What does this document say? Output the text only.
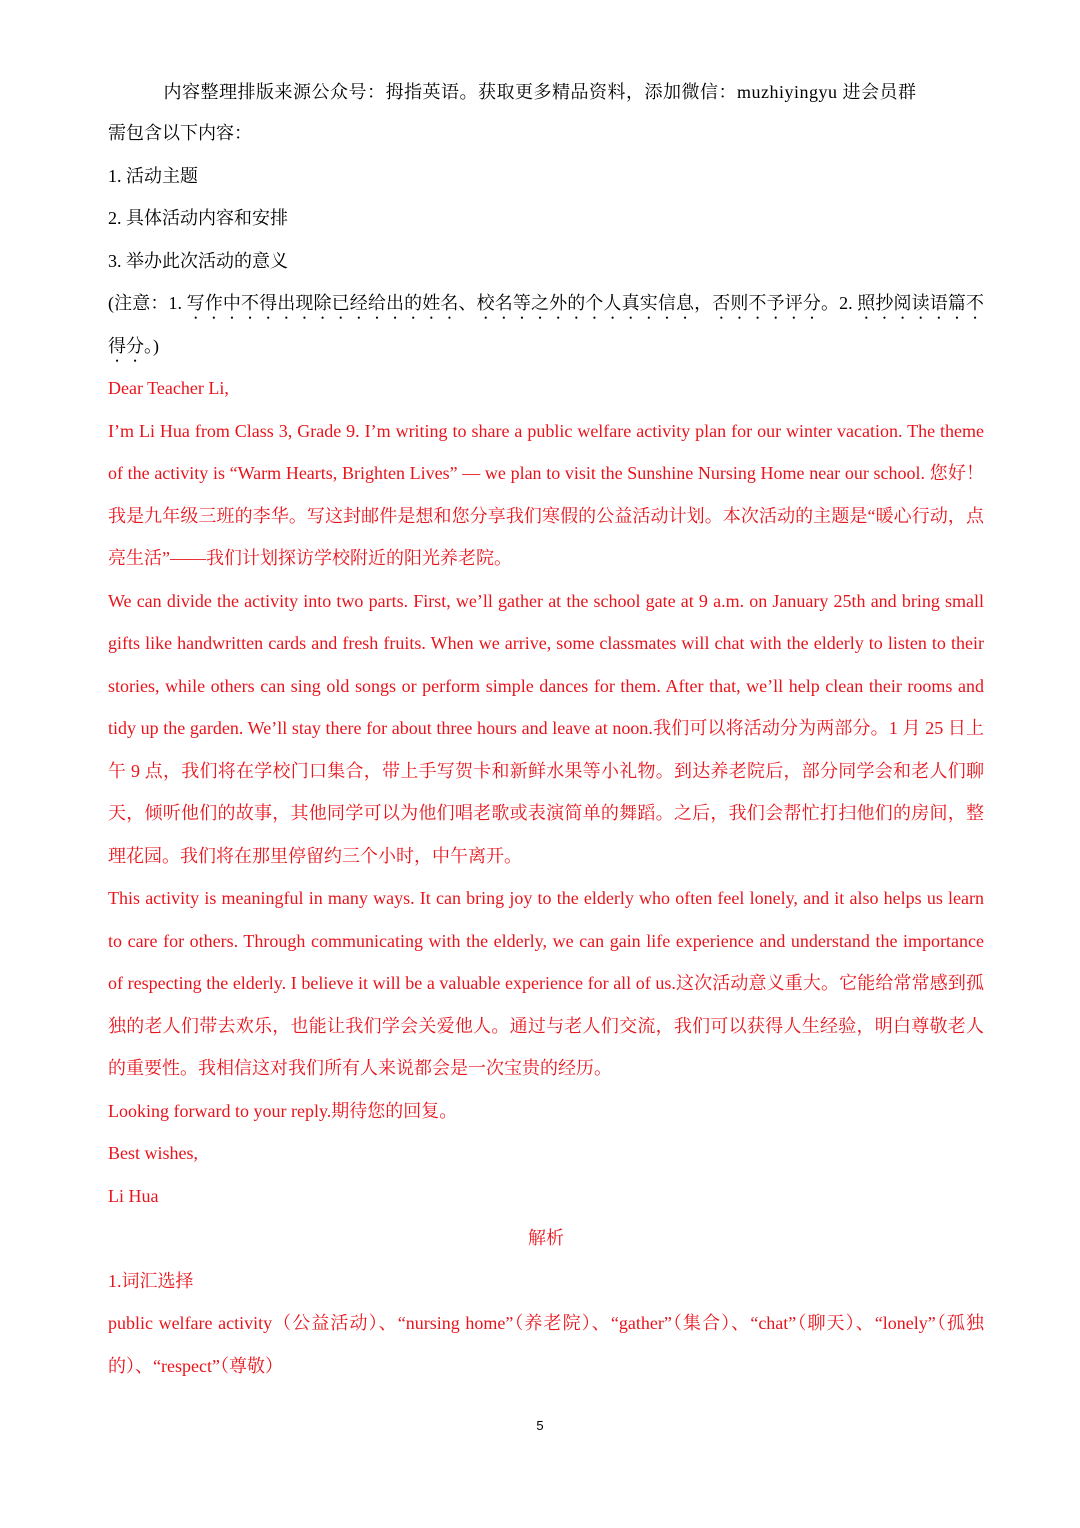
内容整理排版来源公众号：拇指英语。获取更多精品资料，添加微信：muzhiyingyu 进会员群

需包含以下内容：

1. 活动主题

2. 具体活动内容和安排

3. 举办此次活动的意义

(注意：1. 写作中不得出现除已经给出的姓名、校名等之外的个人真实信息，否则不予评分。2. 照抄阅读语篇不得分。)

Dear Teacher Li,

I’m Li Hua from Class 3, Grade 9. I’m writing to share a public welfare activity plan for our winter vacation. The theme of the activity is “Warm Hearts, Brighten Lives” — we plan to visit the Sunshine Nursing Home near our school. 您好！我是九年级三班的李华。写这封邮件是想和您分享我们寒假的公益活动计划。本次活动的主题是“暖心行动，点亮生活”——我们计划探访学校附近的阳光养老院。

We can divide the activity into two parts. First, we’ll gather at the school gate at 9 a.m. on January 25th and bring small gifts like handwritten cards and fresh fruits. When we arrive, some classmates will chat with the elderly to listen to their stories, while others can sing old songs or perform simple dances for them. After that, we’ll help clean their rooms and tidy up the garden. We’ll stay there for about three hours and leave at noon.我们可以将活动分为两部分。1 月 25 日上午 9 点，我们将在学校门口集合，带上手写贺卡和新鲜水果等小礼物。到达养老院后，部分同学会和老人们聊天，倾听他们的故事，其他同学可以为他们唱老歌或表演简单的舞蹈。之后，我们会帮忙打扫他们的房间，整理花园。我们将在那里停留约三个小时，中午离开。

This activity is meaningful in many ways. It can bring joy to the elderly who often feel lonely, and it also helps us learn to care for others. Through communicating with the elderly, we can gain life experience and understand the importance of respecting the elderly. I believe it will be a valuable experience for all of us.这次活动意义重大。它能给常常感到孤独的老人们带去欢乐，也能让我们学会关爱他人。通过与老人们交流，我们可以获得人生经验，明白尊敬老人的重要性。我相信这对我们所有人来说都会是一次宝贵的经历。

Looking forward to your reply.期待您的回复。

Best wishes,

Li Hua

解析

1.词汇选择

public welfare activity（公益活动）、“nursing home”（养老院）、“gather”（集合）、“chat”（聊天）、“lonely”（孤独的）、“respect”（尊敬）

5
